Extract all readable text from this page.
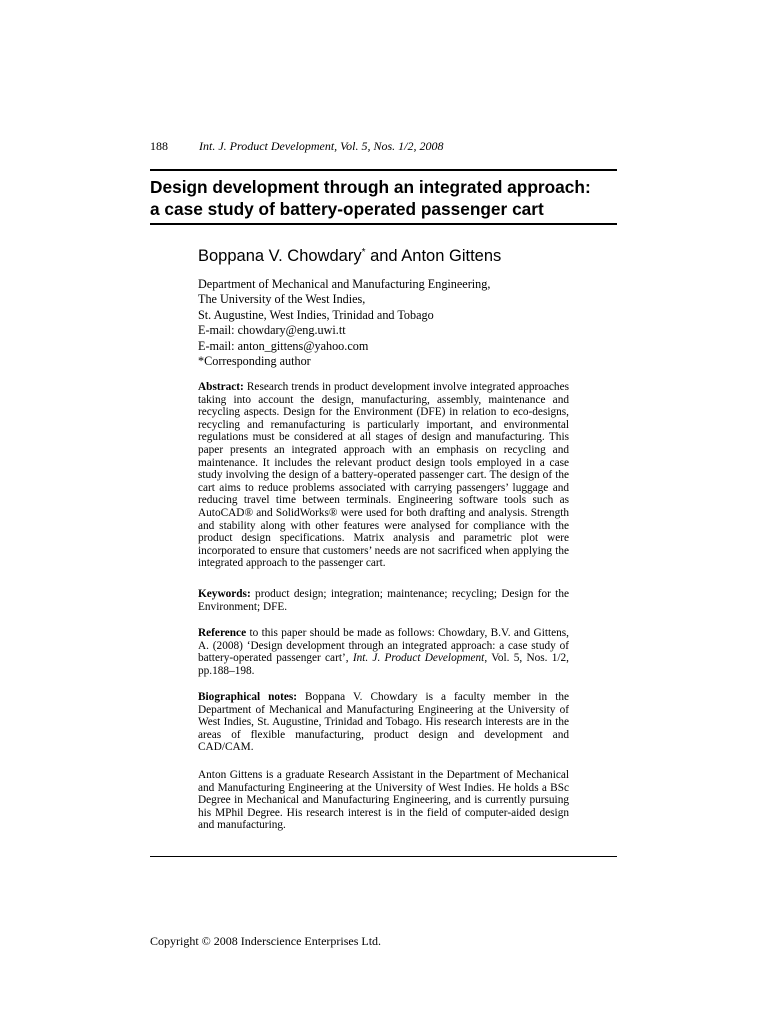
188	Int. J. Product Development, Vol. 5, Nos. 1/2, 2008
Design development through an integrated approach:
a case study of battery-operated passenger cart
Boppana V. Chowdary* and Anton Gittens
Department of Mechanical and Manufacturing Engineering,
The University of the West Indies,
St. Augustine, West Indies, Trinidad and Tobago
E-mail: chowdary@eng.uwi.tt
E-mail: anton_gittens@yahoo.com
*Corresponding author
Abstract: Research trends in product development involve integrated approaches taking into account the design, manufacturing, assembly, maintenance and recycling aspects. Design for the Environment (DFE) in relation to eco-designs, recycling and remanufacturing is particularly important, and environmental regulations must be considered at all stages of design and manufacturing. This paper presents an integrated approach with an emphasis on recycling and maintenance. It includes the relevant product design tools employed in a case study involving the design of a battery-operated passenger cart. The design of the cart aims to reduce problems associated with carrying passengers’ luggage and reducing travel time between terminals. Engineering software tools such as AutoCAD® and SolidWorks® were used for both drafting and analysis. Strength and stability along with other features were analysed for compliance with the product design specifications. Matrix analysis and parametric plot were incorporated to ensure that customers’ needs are not sacrificed when applying the integrated approach to the passenger cart.
Keywords: product design; integration; maintenance; recycling; Design for the Environment; DFE.
Reference to this paper should be made as follows: Chowdary, B.V. and Gittens, A. (2008) ‘Design development through an integrated approach: a case study of battery-operated passenger cart’, Int. J. Product Development, Vol. 5, Nos. 1/2, pp.188–198.
Biographical notes: Boppana V. Chowdary is a faculty member in the Department of Mechanical and Manufacturing Engineering at the University of West Indies, St. Augustine, Trinidad and Tobago. His research interests are in the areas of flexible manufacturing, product design and development and CAD/CAM.
Anton Gittens is a graduate Research Assistant in the Department of Mechanical and Manufacturing Engineering at the University of West Indies. He holds a BSc Degree in Mechanical and Manufacturing Engineering, and is currently pursuing his MPhil Degree. His research interest is in the field of computer-aided design and manufacturing.
Copyright © 2008 Inderscience Enterprises Ltd.
